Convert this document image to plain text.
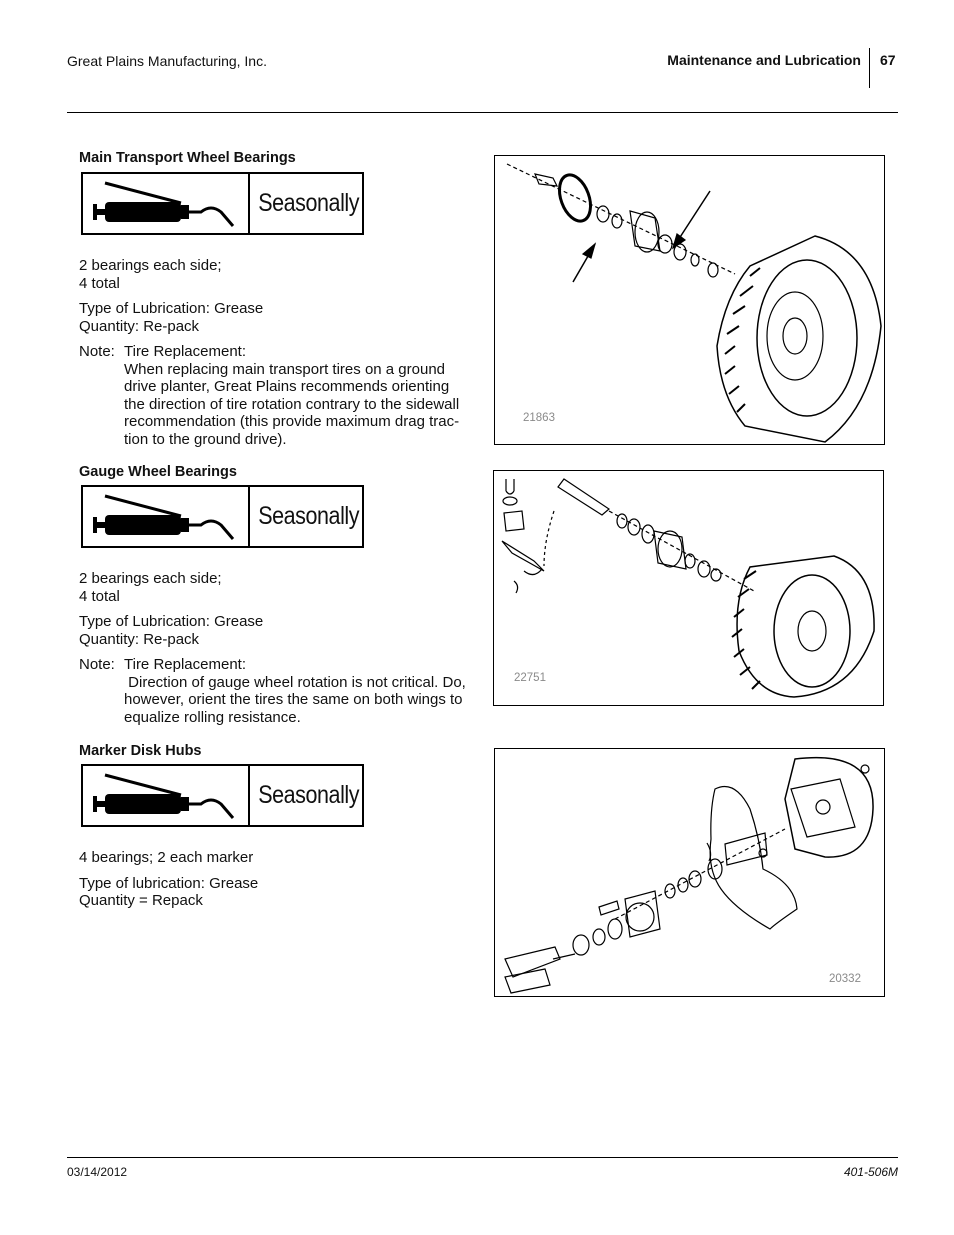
Great Plains Manufacturing, Inc.	Maintenance and Lubrication 67
Main Transport Wheel Bearings
Seasonally

2 bearings each side;

4 total

Type of Lubrication: Grease

Quantity: Re-pack

Note: Tire Replacement:

When replacing main transport tires on a ground

drive planter, Great Plains recommends orienting

the direction of tire rotation contrary to the sidewall

recommendation (this provide maximum drag trac-

tion to the ground drive).

21863
Gauge Wheel Bearings
Seasonally

2 bearings each side;

4 total

Type of Lubrication: Grease

Quantity: Re-pack

Note: Tire Replacement:

Direction of gauge wheel rotation is not critical. Do,

however, orient the tires the same on both wings to

equalize rolling resistance.

22751
Marker Disk Hubs
Seasonally

4 bearings; 2 each marker

Type of lubrication: Grease

Quantity = Repack

20332
03/14/2012	401-506M
